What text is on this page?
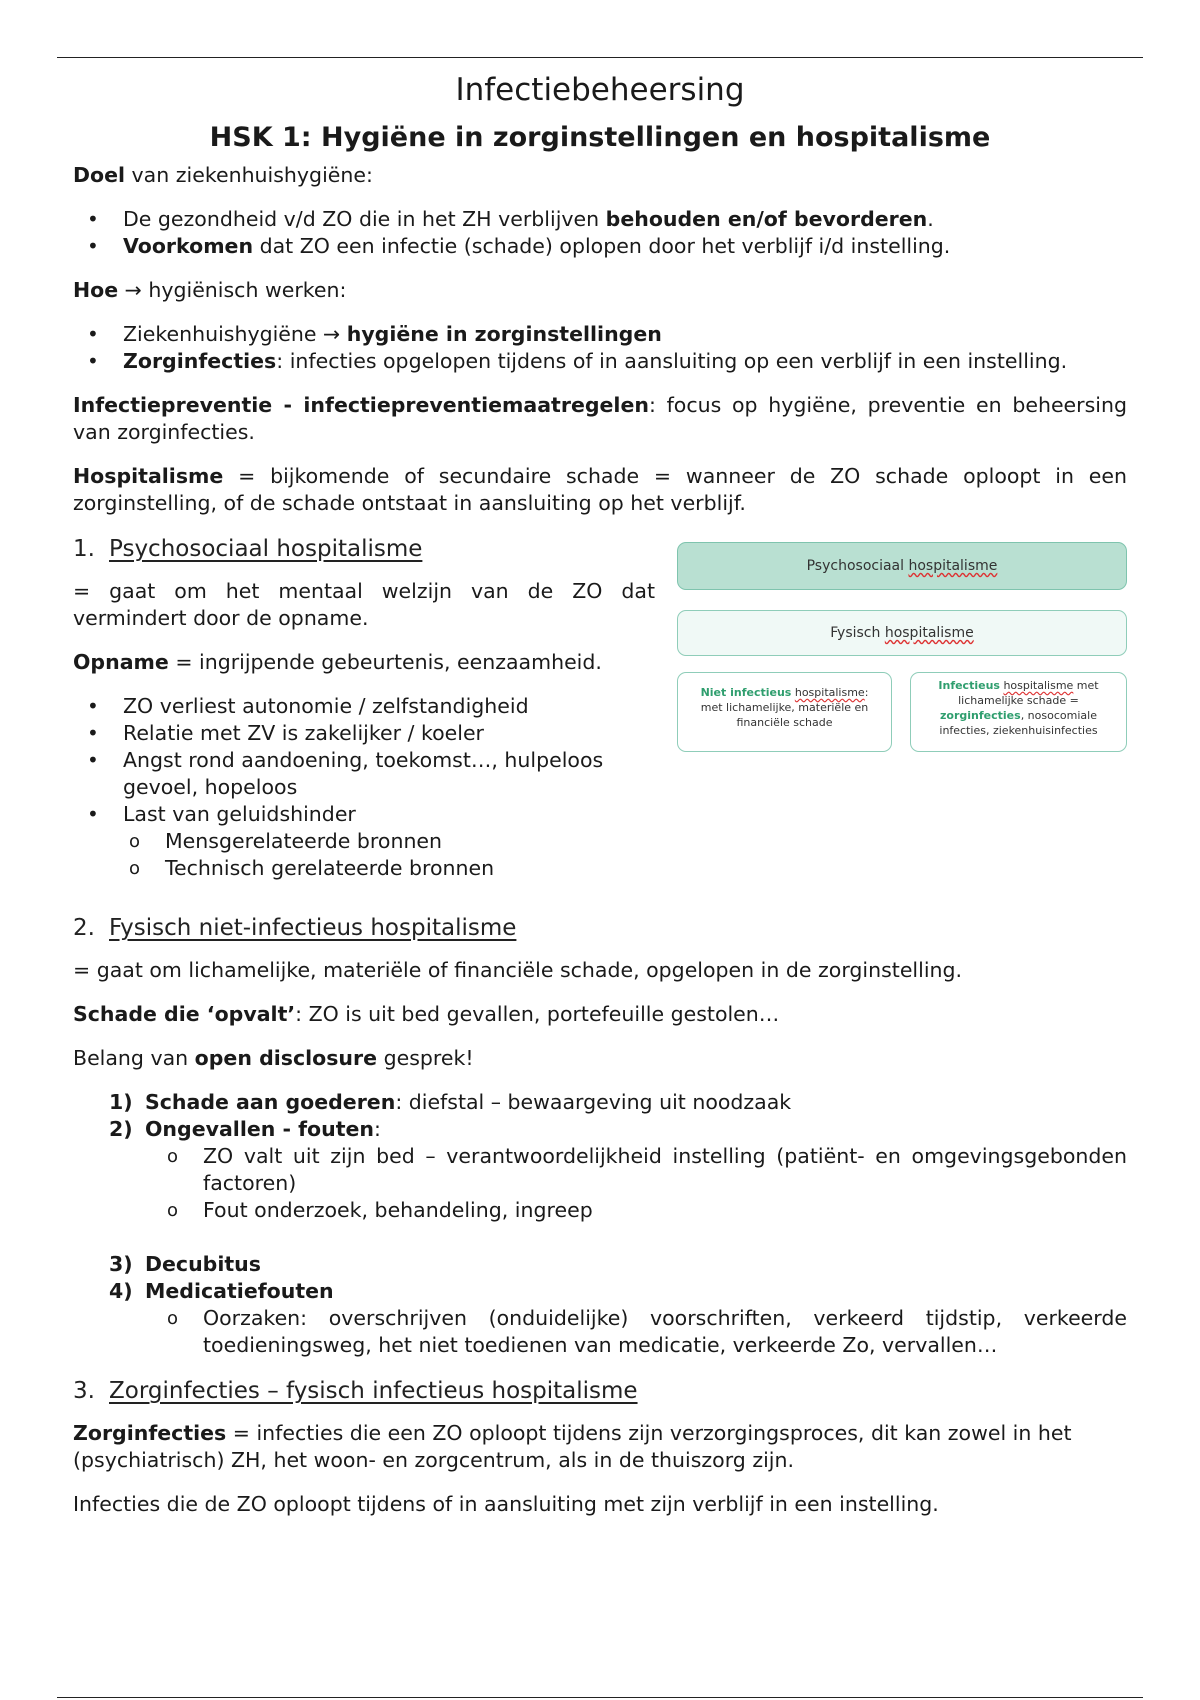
Infectiebeheersing
HSK 1: Hygiëne in zorginstellingen en hospitalisme

Doel van ziekenhuishygiëne:

• De gezondheid v/d ZO die in het ZH verblijven behouden en/of bevorderen.
• Voorkomen dat ZO een infectie (schade) oplopen door het verblijf i/d instelling.

Hoe → hygiënisch werken:

• Ziekenhuishygiëne → hygiëne in zorginstellingen
• Zorginfecties: infecties opgelopen tijdens of in aansluiting op een verblijf in een instelling.

Infectiepreventie - infectiepreventiemaatregelen: focus op hygiëne, preventie en beheersing van zorginfecties.

Hospitalisme = bijkomende of secundaire schade = wanneer de ZO schade oploopt in een zorginstelling, of de schade ontstaat in aansluiting op het verblijf.

1. Psychosociaal hospitalisme

= gaat om het mentaal welzijn van de ZO dat vermindert door de opname.

Opname = ingrijpende gebeurtenis, eenzaamheid.

• ZO verliest autonomie / zelfstandigheid
• Relatie met ZV is zakelijker / koeler
• Angst rond aandoening, toekomst…, hulpeloos gevoel, hopeloos
• Last van geluidshinder
o Mensgerelateerde bronnen
o Technisch gerelateerde bronnen
Psychosociaal hospitalisme
Fysisch hospitalisme
Niet infectieus hospitalisme:
met lichamelijke, materiële en financiële schade
Infectieus hospitalisme met lichamelijke schade = zorginfecties, nosocomiale infecties, ziekenhuisinfecties
2. Fysisch niet-infectieus hospitalisme

= gaat om lichamelijke, materiële of financiële schade, opgelopen in de zorginstelling.

Schade die ‘opvalt’: ZO is uit bed gevallen, portefeuille gestolen…

Belang van open disclosure gesprek!

1) Schade aan goederen: diefstal – bewaargeving uit noodzaak
2) Ongevallen - fouten:
o ZO valt uit zijn bed – verantwoordelijkheid instelling (patiënt- en omgevingsgebonden factoren)
o Fout onderzoek, behandeling, ingreep
3) Decubitus
4) Medicatiefouten
o Oorzaken: overschrijven (onduidelijke) voorschriften, verkeerd tijdstip, verkeerde toedieningsweg, het niet toedienen van medicatie, verkeerde Zo, vervallen…
3. Zorginfecties – fysisch infectieus hospitalisme

Zorginfecties = infecties die een ZO oploopt tijdens zijn verzorgingsproces, dit kan zowel in het (psychiatrisch) ZH, het woon- en zorgcentrum, als in de thuiszorg zijn.

Infecties die de ZO oploopt tijdens of in aansluiting met zijn verblijf in een instelling.
